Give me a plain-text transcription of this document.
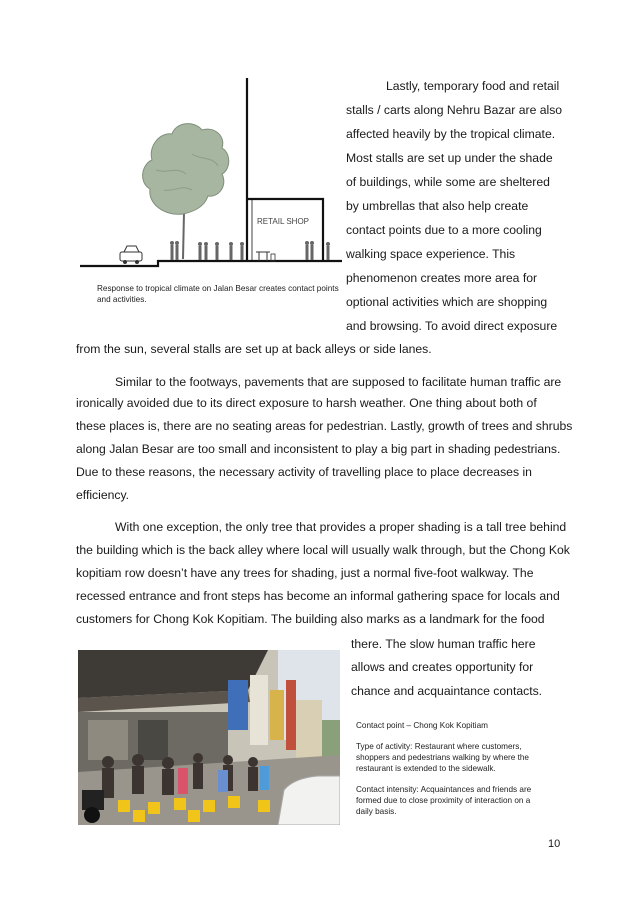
RETAIL SHOP
Response to tropical climate on Jalan Besar creates contact points
and activities.
Lastly, temporary food and retail
stalls / carts along Nehru Bazar are also
affected heavily by the tropical climate.
Most stalls are set up under the shade
of buildings, while some are sheltered
by umbrellas that also help create
contact points due to a more cooling
walking space experience. This
phenomenon creates more area for
optional activities which are shopping
and browsing. To avoid direct exposure
from the sun, several stalls are set up at back alleys or side lanes.
Similar to the footways, pavements that are supposed to facilitate human traffic are
ironically avoided due to its direct exposure to harsh weather. One thing about both of
these places is, there are no seating areas for pedestrian. Lastly, growth of trees and shrubs
along Jalan Besar are too small and inconsistent to play a big part in shading pedestrians.
Due to these reasons, the necessary activity of travelling place to place decreases in
efficiency.
With one exception, the only tree that provides a proper shading is a tall tree behind
the building which is the back alley where local will usually walk through, but the Chong Kok
kopitiam row doesn’t have any trees for shading, just a normal five-foot walkway. The
recessed entrance and front steps has become an informal gathering space for locals and
customers for Chong Kok Kopitiam. The building also marks as a landmark for the food
there. The slow human traffic here
allows and creates opportunity for
chance and acquaintance contacts.
Contact point – Chong Kok Kopitiam
Type of activity: Restaurant where customers,
shoppers and pedestrians walking by where the
restaurant is extended to the sidewalk.
Contact intensity: Acquaintances and friends are
formed due to close proximity of interaction on a
daily basis.
10
